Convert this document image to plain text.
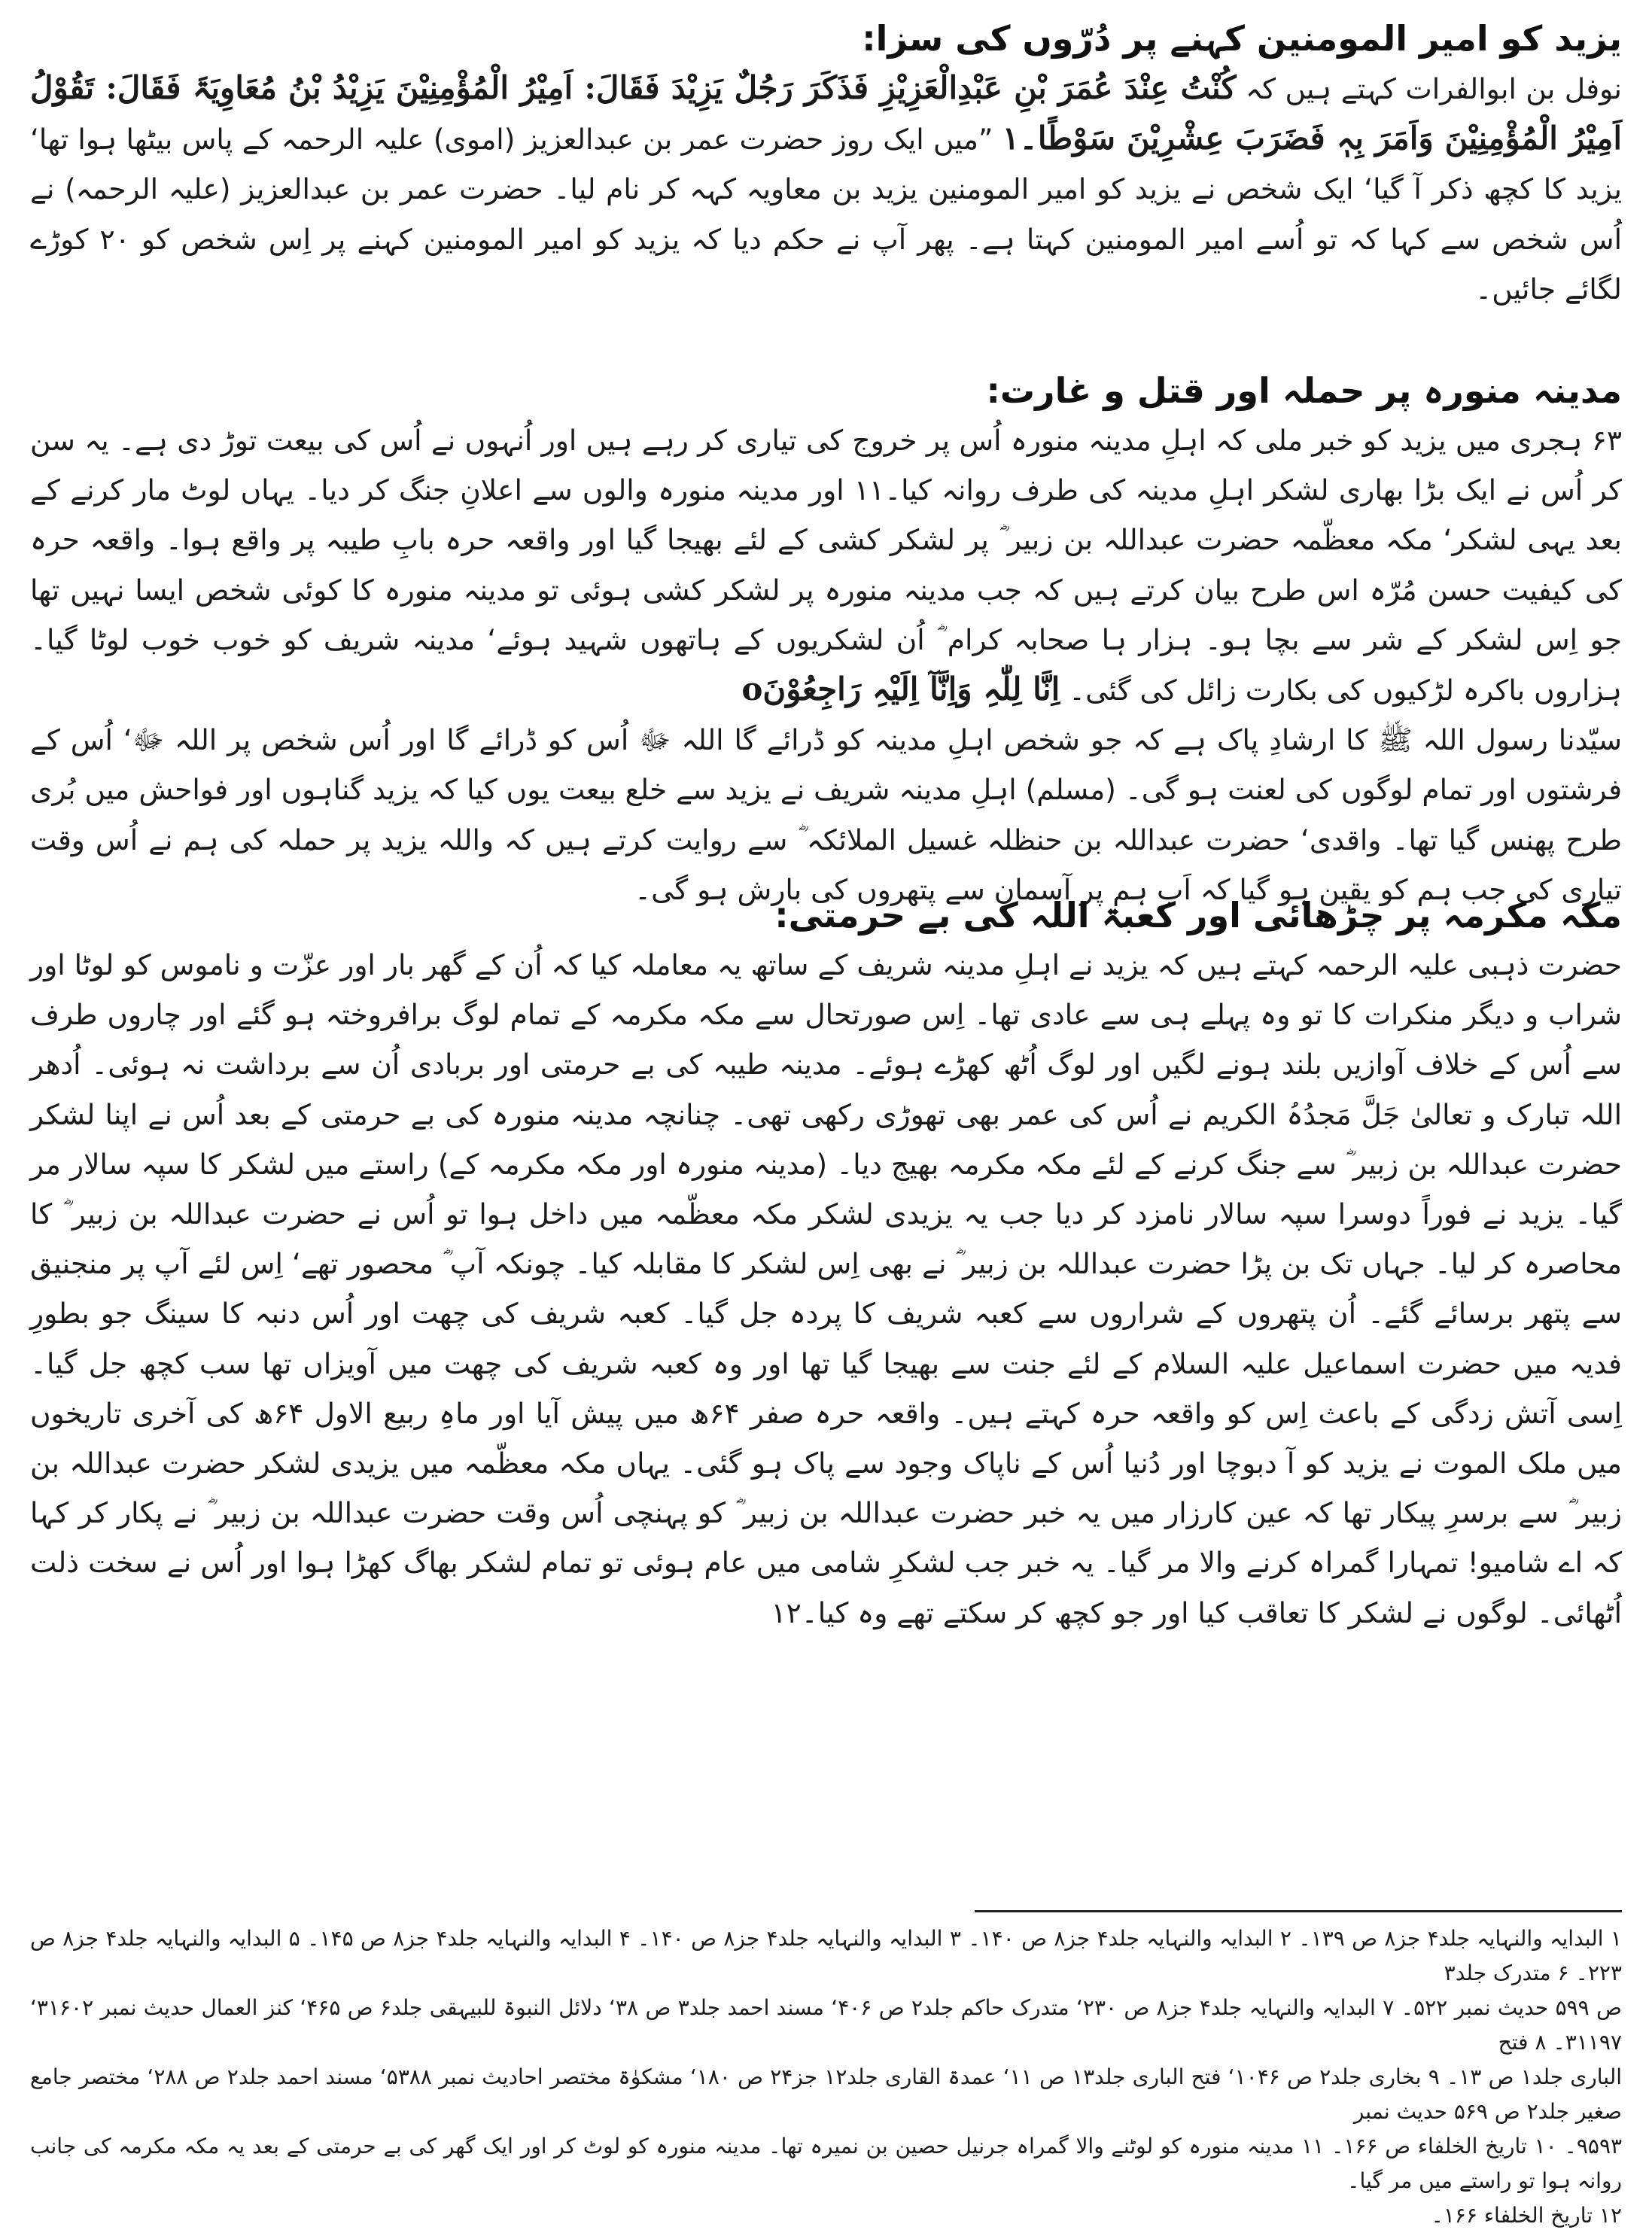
یزید کو امیر المومنین کہنے پر دُرّوں کی سزا:

نوفل بن ابوالفرات کہتے ہیں کہ کُنْتُ عِنْدَ عُمَرَ بْنِ عَبْدِالْعَزِیْزِ فَذَکَرَ رَجُلٌ یَزِیْدَ فَقَالَ: اَمِیْرُ الْمُؤْمِنِیْنَ یَزِیْدُ بْنُ مُعَاوِیَۃَ فَقَالَ: تَقُوْلُ اَمِیْرُ الْمُؤْمِنِیْنَ وَاَمَرَ بِہٖ فَضَرَبَ عِشْرِیْنَ سَوْطًا۔۱ ”میں ایک روز حضرت عمر بن عبدالعزیز (اموی) علیہ الرحمہ کے پاس بیٹھا ہوا تھا‘ یزید کا کچھ ذکر آ گیا‘ ایک شخص نے یزید کو امیر المومنین یزید بن معاویہ کہہ کر نام لیا۔ حضرت عمر بن عبدالعزیز (علیہ الرحمہ) نے اُس شخص سے کہا کہ تو اُسے امیر المومنین کہتا ہے۔ پھر آپ نے حکم دیا کہ یزید کو امیر المومنین کہنے پر اِس شخص کو ۲۰ کوڑے لگائے جائیں۔

مدینہ منورہ پر حملہ اور قتل و غارت:

۶۳ ہجری میں یزید کو خبر ملی کہ اہلِ مدینہ منورہ اُس پر خروج کی تیاری کر رہے ہیں اور اُنہوں نے اُس کی بیعت توڑ دی ہے۔ یہ سن کر اُس نے ایک بڑا بھاری لشکر اہلِ مدینہ کی طرف روانہ کیا۔۱۱ اور مدینہ منورہ والوں سے اعلانِ جنگ کر دیا۔ یہاں لوٹ مار کرنے کے بعد یہی لشکر‘ مکہ معظّمہ حضرت عبداللہ بن زبیر ؓ پر لشکر کشی کے لئے بھیجا گیا اور واقعہ حرہ بابِ طیبہ پر واقع ہوا۔ واقعہ حرہ کی کیفیت حسن مُرّہ اس طرح بیان کرتے ہیں کہ جب مدینہ منورہ پر لشکر کشی ہوئی تو مدینہ منورہ کا کوئی شخص ایسا نہیں تھا جو اِس لشکر کے شر سے بچا ہو۔ ہزار ہا صحابہ کرام ؓ اُن لشکریوں کے ہاتھوں شہید ہوئے‘ مدینہ شریف کو خوب خوب لوٹا گیا۔ ہزاروں باکرہ لڑکیوں کی بکارت زائل کی گئی۔ اِنَّا لِلّٰہِ وَاِنَّآ اِلَیْہِ رَاجِعُوْنَo

سیّدنا رسول اللہ ﷺ کا ارشادِ پاک ہے کہ جو شخص اہلِ مدینہ کو ڈرائے گا اللہ ﷻ اُس کو ڈرائے گا اور اُس شخص پر اللہ ﷻ‘ اُس کے فرشتوں اور تمام لوگوں کی لعنت ہو گی۔ (مسلم) اہلِ مدینہ شریف نے یزید سے خلع بیعت یوں کیا کہ یزید گناہوں اور فواحش میں بُری طرح پھنس گیا تھا۔ واقدی‘ حضرت عبداللہ بن حنظلہ غسیل الملائکہ ؓ سے روایت کرتے ہیں کہ واللہ یزید پر حملہ کی ہم نے اُس وقت تیاری کی جب ہم کو یقین ہو گیا کہ اَب ہم پر آسمان سے پتھروں کی بارش ہو گی۔

مکہ مکرمہ پر چڑھائی اور کعبۃ اللہ کی بے حرمتی:

حضرت ذہبی علیہ الرحمہ کہتے ہیں کہ یزید نے اہلِ مدینہ شریف کے ساتھ یہ معاملہ کیا کہ اُن کے گھر بار اور عزّت و ناموس کو لوٹا اور شراب و دیگر منکرات کا تو وہ پہلے ہی سے عادی تھا۔ اِس صورتحال سے مکہ مکرمہ کے تمام لوگ برافروختہ ہو گئے اور چاروں طرف سے اُس کے خلاف آوازیں بلند ہونے لگیں اور لوگ اُٹھ کھڑے ہوئے۔ مدینہ طیبہ کی بے حرمتی اور بربادی اُن سے برداشت نہ ہوئی۔ اُدھر اللہ تبارک و تعالیٰ جَلَّ مَجدُہُ الکریم نے اُس کی عمر بھی تھوڑی رکھی تھی۔ چنانچہ مدینہ منورہ کی بے حرمتی کے بعد اُس نے اپنا لشکر حضرت عبداللہ بن زبیر ؓ سے جنگ کرنے کے لئے مکہ مکرمہ بھیج دیا۔ (مدینہ منورہ اور مکہ مکرمہ کے) راستے میں لشکر کا سپہ سالار مر گیا۔ یزید نے فوراً دوسرا سپہ سالار نامزد کر دیا جب یہ یزیدی لشکر مکہ معظّمہ میں داخل ہوا تو اُس نے حضرت عبداللہ بن زبیر ؓ کا محاصرہ کر لیا۔ جہاں تک بن پڑا حضرت عبداللہ بن زبیر ؓ نے بھی اِس لشکر کا مقابلہ کیا۔ چونکہ آپ ؓ محصور تھے‘ اِس لئے آپ پر منجنیق سے پتھر برسائے گئے۔ اُن پتھروں کے شراروں سے کعبہ شریف کا پردہ جل گیا۔ کعبہ شریف کی چھت اور اُس دنبہ کا سینگ جو بطورِ فدیہ میں حضرت اسماعیل علیہ السلام کے لئے جنت سے بھیجا گیا تھا اور وہ کعبہ شریف کی چھت میں آویزاں تھا سب کچھ جل گیا۔ اِسی آتش زدگی کے باعث اِس کو واقعہ حرہ کہتے ہیں۔ واقعہ حرہ صفر ۶۴ھ میں پیش آیا اور ماہِ ربیع الاول ۶۴ھ کی آخری تاریخوں میں ملک الموت نے یزید کو آ دبوچا اور دُنیا اُس کے ناپاک وجود سے پاک ہو گئی۔ یہاں مکہ معظّمہ میں یزیدی لشکر حضرت عبداللہ بن زبیر ؓ سے برسرِ پیکار تھا کہ عین کارزار میں یہ خبر حضرت عبداللہ بن زبیر ؓ کو پہنچی اُس وقت حضرت عبداللہ بن زبیر ؓ نے پکار کر کہا کہ اے شامیو! تمہارا گمراہ کرنے والا مر گیا۔ یہ خبر جب لشکرِ شامی میں عام ہوئی تو تمام لشکر بھاگ کھڑا ہوا اور اُس نے سخت ذلت اُٹھائی۔ لوگوں نے لشکر کا تعاقب کیا اور جو کچھ کر سکتے تھے وہ کیا۔۱۲

۱ البدایہ والنہایہ جلد۴ جز۸ ص ۱۳۹۔ ۲ البدایہ والنہایہ جلد۴ جز۸ ص ۱۴۰۔ ۳ البدایہ والنہایہ جلد۴ جز۸ ص ۱۴۰۔ ۴ البدایہ والنہایہ جلد۴ جز۸ ص ۱۴۵۔ ۵ البدایہ والنہایہ جلد۴ جز۸ ص ۲۲۳۔ ۶ متدرک جلد۳

ص ۵۹۹ حدیث نمبر ۵۲۲۔ ۷ البدایہ والنہایہ جلد۴ جز۸ ص ۲۳۰‘ متدرک حاکم جلد۲ ص ۴۰۶‘ مسند احمد جلد۳ ص ۳۸‘ دلائل النبوۃ للبیہقی جلد۶ ص ۴۶۵‘ کنز العمال حدیث نمبر ۳۱۶۰۲‘ ۳۱۱۹۷۔ ۸ فتح

الباری جلد۱ ص ۱۳۔ ۹ بخاری جلد۲ ص ۱۰۴۶‘ فتح الباری جلد۱۳ ص ۱۱‘ عمدۃ القاری جلد۱۲ جز۲۴ ص ۱۸۰‘ مشکوٰۃ مختصر احادیث نمبر ۵۳۸۸‘ مسند احمد جلد۲ ص ۲۸۸‘ مختصر جامع صغیر جلد۲ ص ۵۶۹ حدیث نمبر

۹۵۹۳۔ ۱۰ تاریخ الخلفاء ص ۱۶۶۔ ۱۱ مدینہ منورہ کو لوٹنے والا گمراہ جرنیل حصین بن نمیرہ تھا۔ مدینہ منورہ کو لوٹ کر اور ایک گھر کی بے حرمتی کے بعد یہ مکہ مکرمہ کی جانب روانہ ہوا تو راستے میں مر گیا۔

۱۲ تاریخ الخلفاء ۱۶۶۔
